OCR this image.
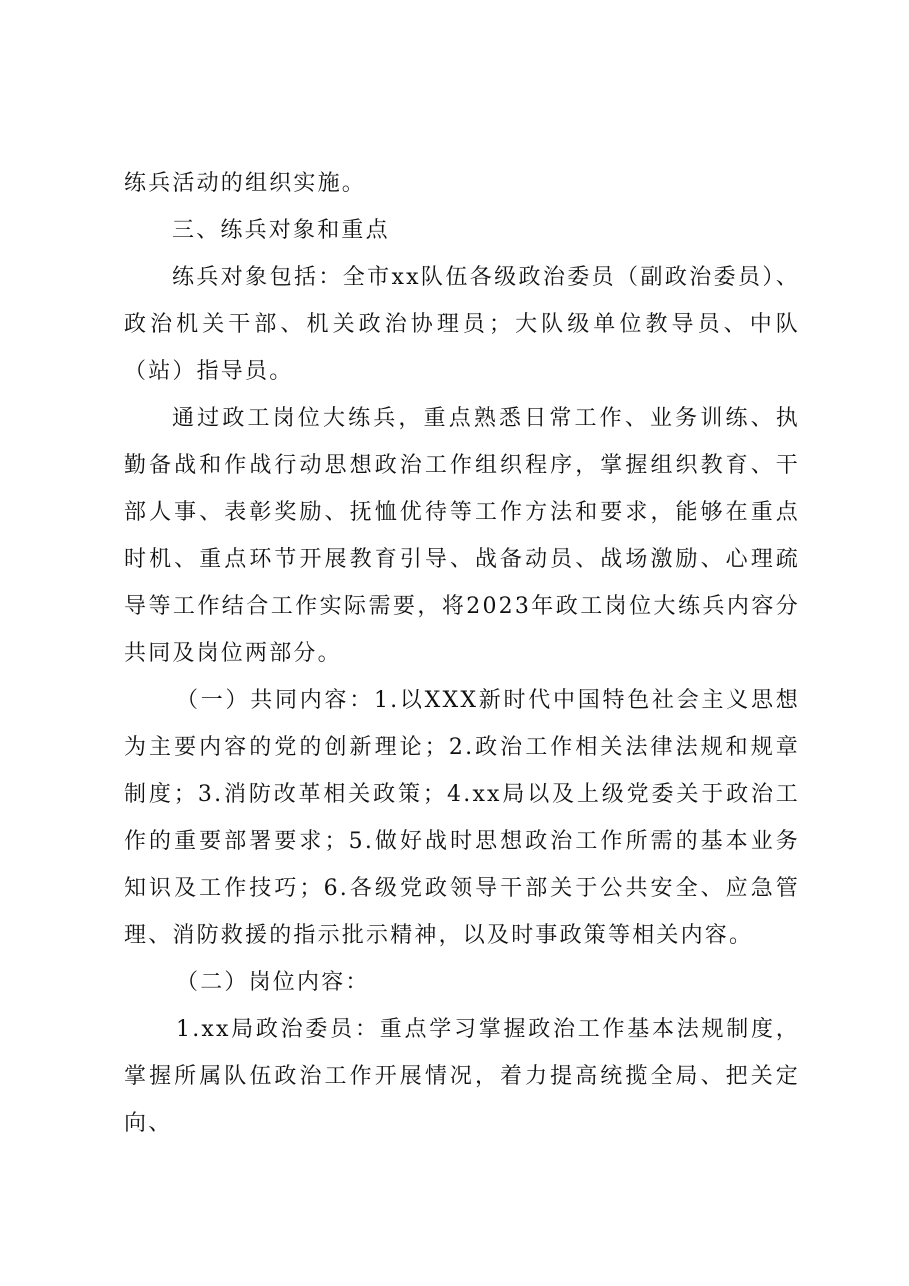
练兵活动的组织实施。

三、练兵对象和重点

练兵对象包括：全市xx队伍各级政治委员（副政治委员）、政治机关干部、机关政治协理员；大队级单位教导员、中队（站）指导员。

通过政工岗位大练兵，重点熟悉日常工作、业务训练、执勤备战和作战行动思想政治工作组织程序，掌握组织教育、干部人事、表彰奖励、抚恤优待等工作方法和要求，能够在重点时机、重点环节开展教育引导、战备动员、战场激励、心理疏导等工作结合工作实际需要，将2023年政工岗位大练兵内容分共同及岗位两部分。

（一）共同内容：1.以XXX新时代中国特色社会主义思想为主要内容的党的创新理论；2.政治工作相关法律法规和规章制度；3.消防改革相关政策；4.xx局以及上级党委关于政治工作的重要部署要求；5.做好战时思想政治工作所需的基本业务知识及工作技巧；6.各级党政领导干部关于公共安全、应急管理、消防救援的指示批示精神，以及时事政策等相关内容。

（二）岗位内容：

1.xx局政治委员：重点学习掌握政治工作基本法规制度，掌握所属队伍政治工作开展情况，着力提高统揽全局、把关定向、
